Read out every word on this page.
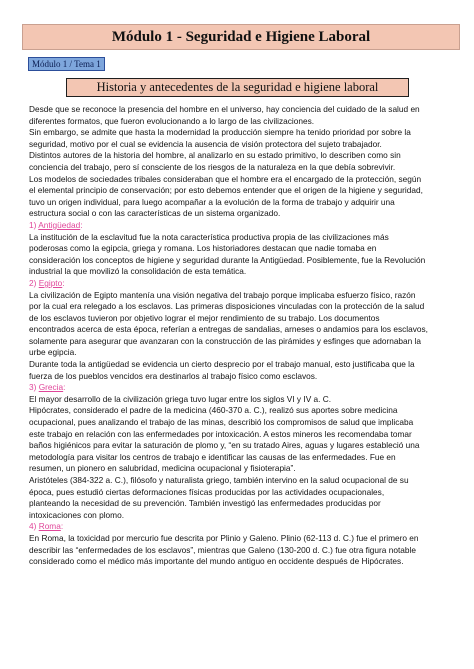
Módulo 1 - Seguridad e Higiene Laboral
Módulo 1 / Tema 1
Historia y antecedentes de la seguridad e higiene laboral
Desde que se reconoce la presencia del hombre en el universo, hay conciencia del cuidado de la salud en
diferentes formatos, que fueron evolucionando a lo largo de las civilizaciones.
Sin embargo, se admite que hasta la modernidad la producción siempre ha tenido prioridad por sobre la
seguridad, motivo por el cual se evidencia la ausencia de visión protectora del sujeto trabajador.
Distintos autores de la historia del hombre, al analizarlo en su estado primitivo, lo describen como sin
conciencia del trabajo, pero sí consciente de los riesgos de la naturaleza en la que debía sobrevivir.
Los modelos de sociedades tribales consideraban que el hombre era el encargado de la protección, según
el elemental principio de conservación; por esto debemos entender que el origen de la higiene y seguridad,
tuvo un origen individual, para luego acompañar a la evolución de la forma de trabajo y adquirir una
estructura social o con las características de un sistema organizado.
1) Antigüedad:
La institución de la esclavitud fue la nota característica productiva propia de las civilizaciones más
poderosas como la egipcia, griega y romana. Los historiadores destacan que nadie tomaba en
consideración los conceptos de higiene y seguridad durante la Antigüedad. Posiblemente, fue la Revolución
industrial la que movilizó la consolidación de esta temática.
2) Egipto:
La civilización de Egipto mantenía una visión negativa del trabajo porque implicaba esfuerzo físico, razón
por la cual era relegado a los esclavos. Las primeras disposiciones vinculadas con la protección de la salud
de los esclavos tuvieron por objetivo lograr el mejor rendimiento de su trabajo. Los documentos
encontrados acerca de esta época, referían a entregas de sandalias, arneses o andamios para los esclavos,
solamente para asegurar que avanzaran con la construcción de las pirámides y esfinges que adornaban la
urbe egipcia.
Durante toda la antigüedad se evidencia un cierto desprecio por el trabajo manual, esto justificaba que la
fuerza de los pueblos vencidos era destinarlos al trabajo físico como esclavos.
3) Grecia:
El mayor desarrollo de la civilización griega tuvo lugar entre los siglos VI y IV a. C.
Hipócrates, considerado el padre de la medicina (460-370 a. C.), realizó sus aportes sobre medicina
ocupacional, pues analizando el trabajo de las minas, describió los compromisos de salud que implicaba
este trabajo en relación con las enfermedades por intoxicación. A estos mineros les recomendaba tomar
baños higiénicos para evitar la saturación de plomo y, “en su tratado Aires, aguas y lugares estableció una
metodología para visitar los centros de trabajo e identificar las causas de las enfermedades. Fue en
resumen, un pionero en salubridad, medicina ocupacional y fisioterapia”.
Aristóteles (384-322 a. C.), filósofo y naturalista griego, también intervino en la salud ocupacional de su
época, pues estudió ciertas deformaciones físicas producidas por las actividades ocupacionales,
planteando la necesidad de su prevención. También investigó las enfermedades producidas por
intoxicaciones con plomo.
4) Roma:
En Roma, la toxicidad por mercurio fue descrita por Plinio y Galeno. Plinio (62-113 d. C.) fue el primero en
describir las “enfermedades de los esclavos”, mientras que Galeno (130-200 d. C.) fue otra figura notable
considerado como el médico más importante del mundo antiguo en occidente después de Hipócrates.
